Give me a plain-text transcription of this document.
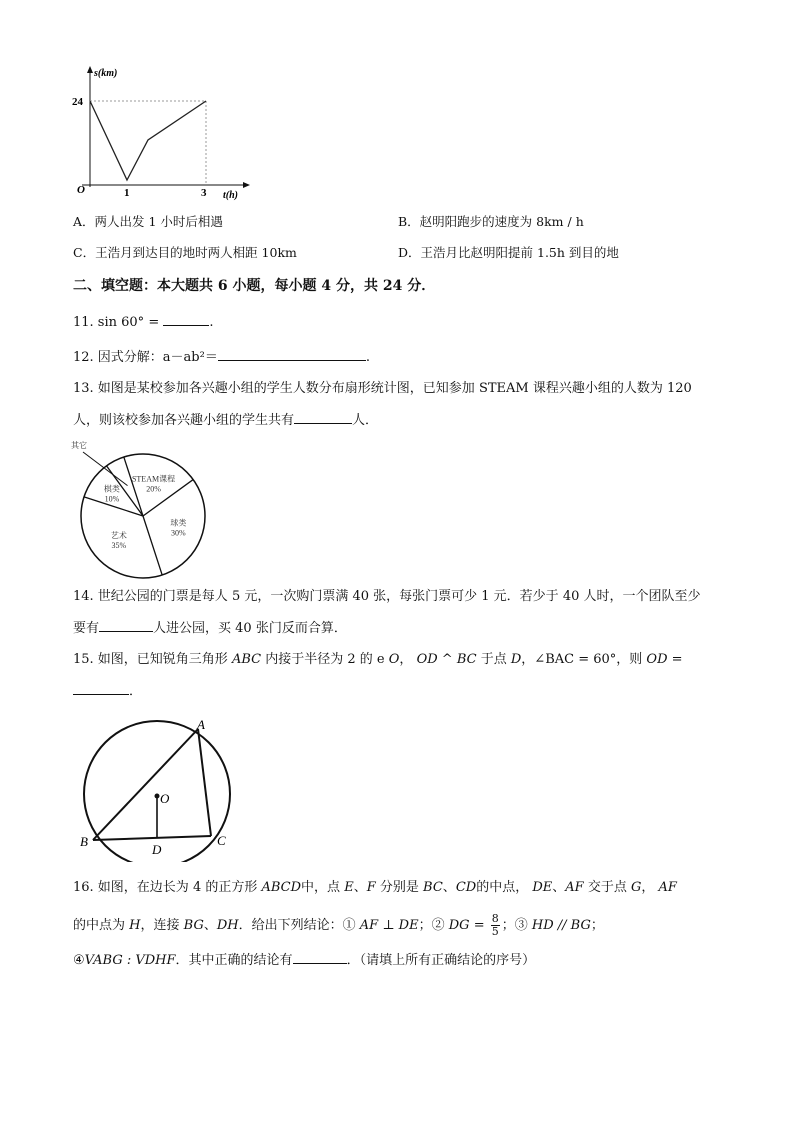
s(km)
24
O	1	3 t(h)
A．两人出发 1 小时后相遇	B．赵明阳跑步的速度为 8km / h
C．王浩月到达目的地时两人相距 10km	D．王浩月比赵明阳提前 1.5h 到目的地
二、填空题：本大题共 6 小题，每小题 4 分，共 24 分．
11. sin 60° =	.
12. 因式分解：a－ab²＝	.
13. 如图是某校参加各兴趣小组的学生人数分布扇形统计图，已知参加 STEAM 课程兴趣小组的人数为 120
人，则该校参加各兴趣小组的学生共有	人．
STEAM课程
20%
球类
30%
艺术
35%
棋类
10%
其它
14. 世纪公园的门票是每人 5 元，一次购门票满 40 张，每张门票可少 1 元．若少于 40 人时，一个团队至少
要有	人进公园，买 40 张门反而合算．
15. 如图，已知锐角三角形 ABC 内接于半径为 2 的 e O， OD ^ BC 于点 D，∠BAC = 60°，则 OD =
．
A
O
B	C
D
16. 如图，在边长为 4 的正方形 ABCD中，点 E、F 分别是 BC、CD的中点， DE、AF 交于点 G， AF
的中点为 H，连接 BG、DH．给出下列结论：① AF ⊥ DE；② DG = $\frac{8}{5}$ ；③ HD // BG；
④VABG : VDHF．其中正确的结论有	．（请填上所有正确结论的序号）
